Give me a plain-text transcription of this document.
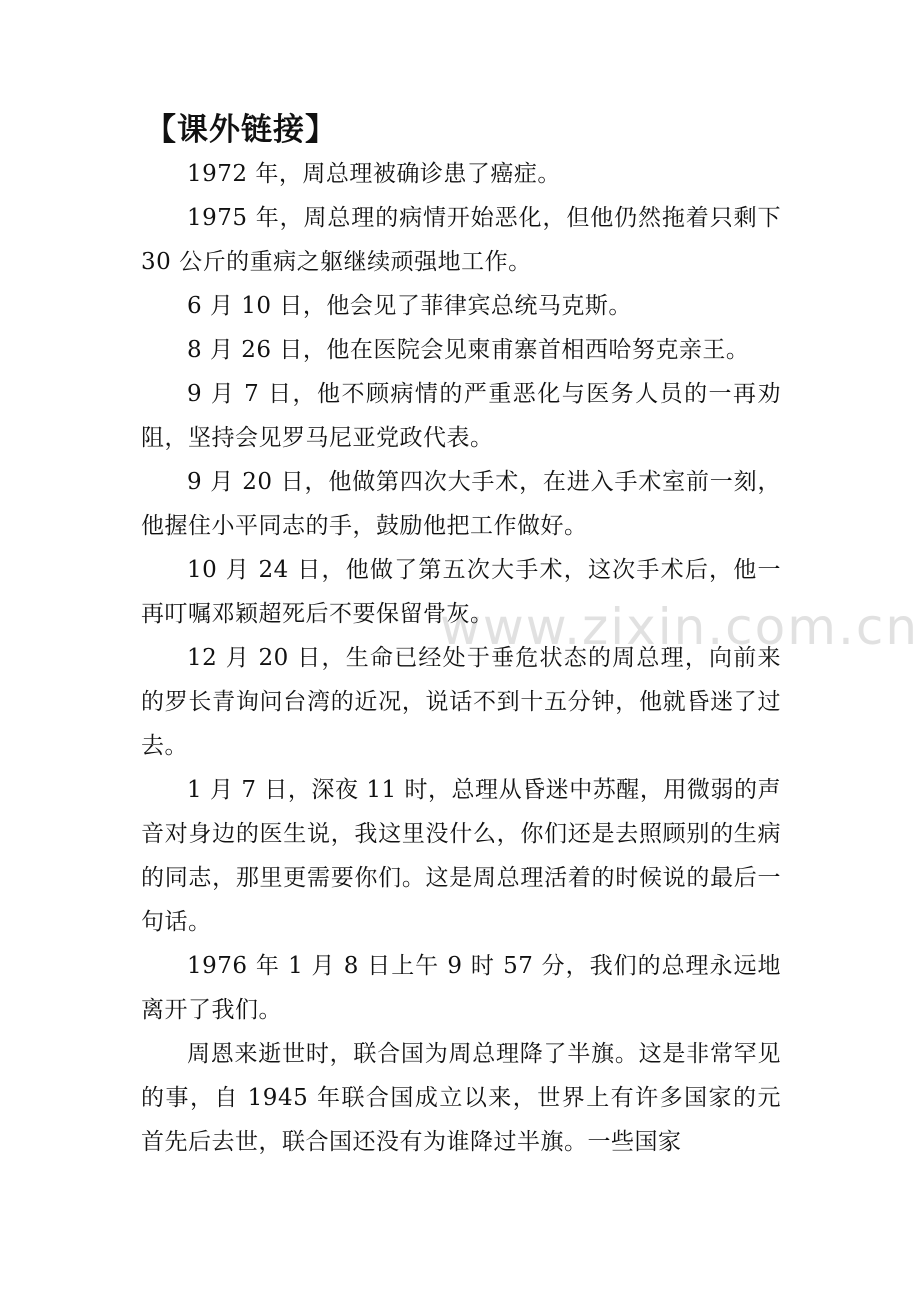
www.zixin.com.cn
【课外链接】

1972 年，周总理被确诊患了癌症。

1975 年，周总理的病情开始恶化，但他仍然拖着只剩下 30 公斤的重病之躯继续顽强地工作。

6 月 10 日，他会见了菲律宾总统马克斯。

8 月 26 日，他在医院会见柬甫寨首相西哈努克亲王。

9 月 7 日，他不顾病情的严重恶化与医务人员的一再劝阻，坚持会见罗马尼亚党政代表。

9 月 20 日，他做第四次大手术，在进入手术室前一刻，他握住小平同志的手，鼓励他把工作做好。

10 月 24 日，他做了第五次大手术，这次手术后，他一再叮嘱邓颖超死后不要保留骨灰。

12 月 20 日，生命已经处于垂危状态的周总理，向前来的罗长青询问台湾的近况，说话不到十五分钟，他就昏迷了过去。

1 月 7 日，深夜 11 时，总理从昏迷中苏醒，用微弱的声音对身边的医生说，我这里没什么，你们还是去照顾别的生病的同志，那里更需要你们。这是周总理活着的时候说的最后一句话。

1976 年 1 月 8 日上午 9 时 57 分，我们的总理永远地离开了我们。

周恩来逝世时，联合国为周总理降了半旗。这是非常罕见的事，自 1945 年联合国成立以来，世界上有许多国家的元首先后去世，联合国还没有为谁降过半旗。一些国家
